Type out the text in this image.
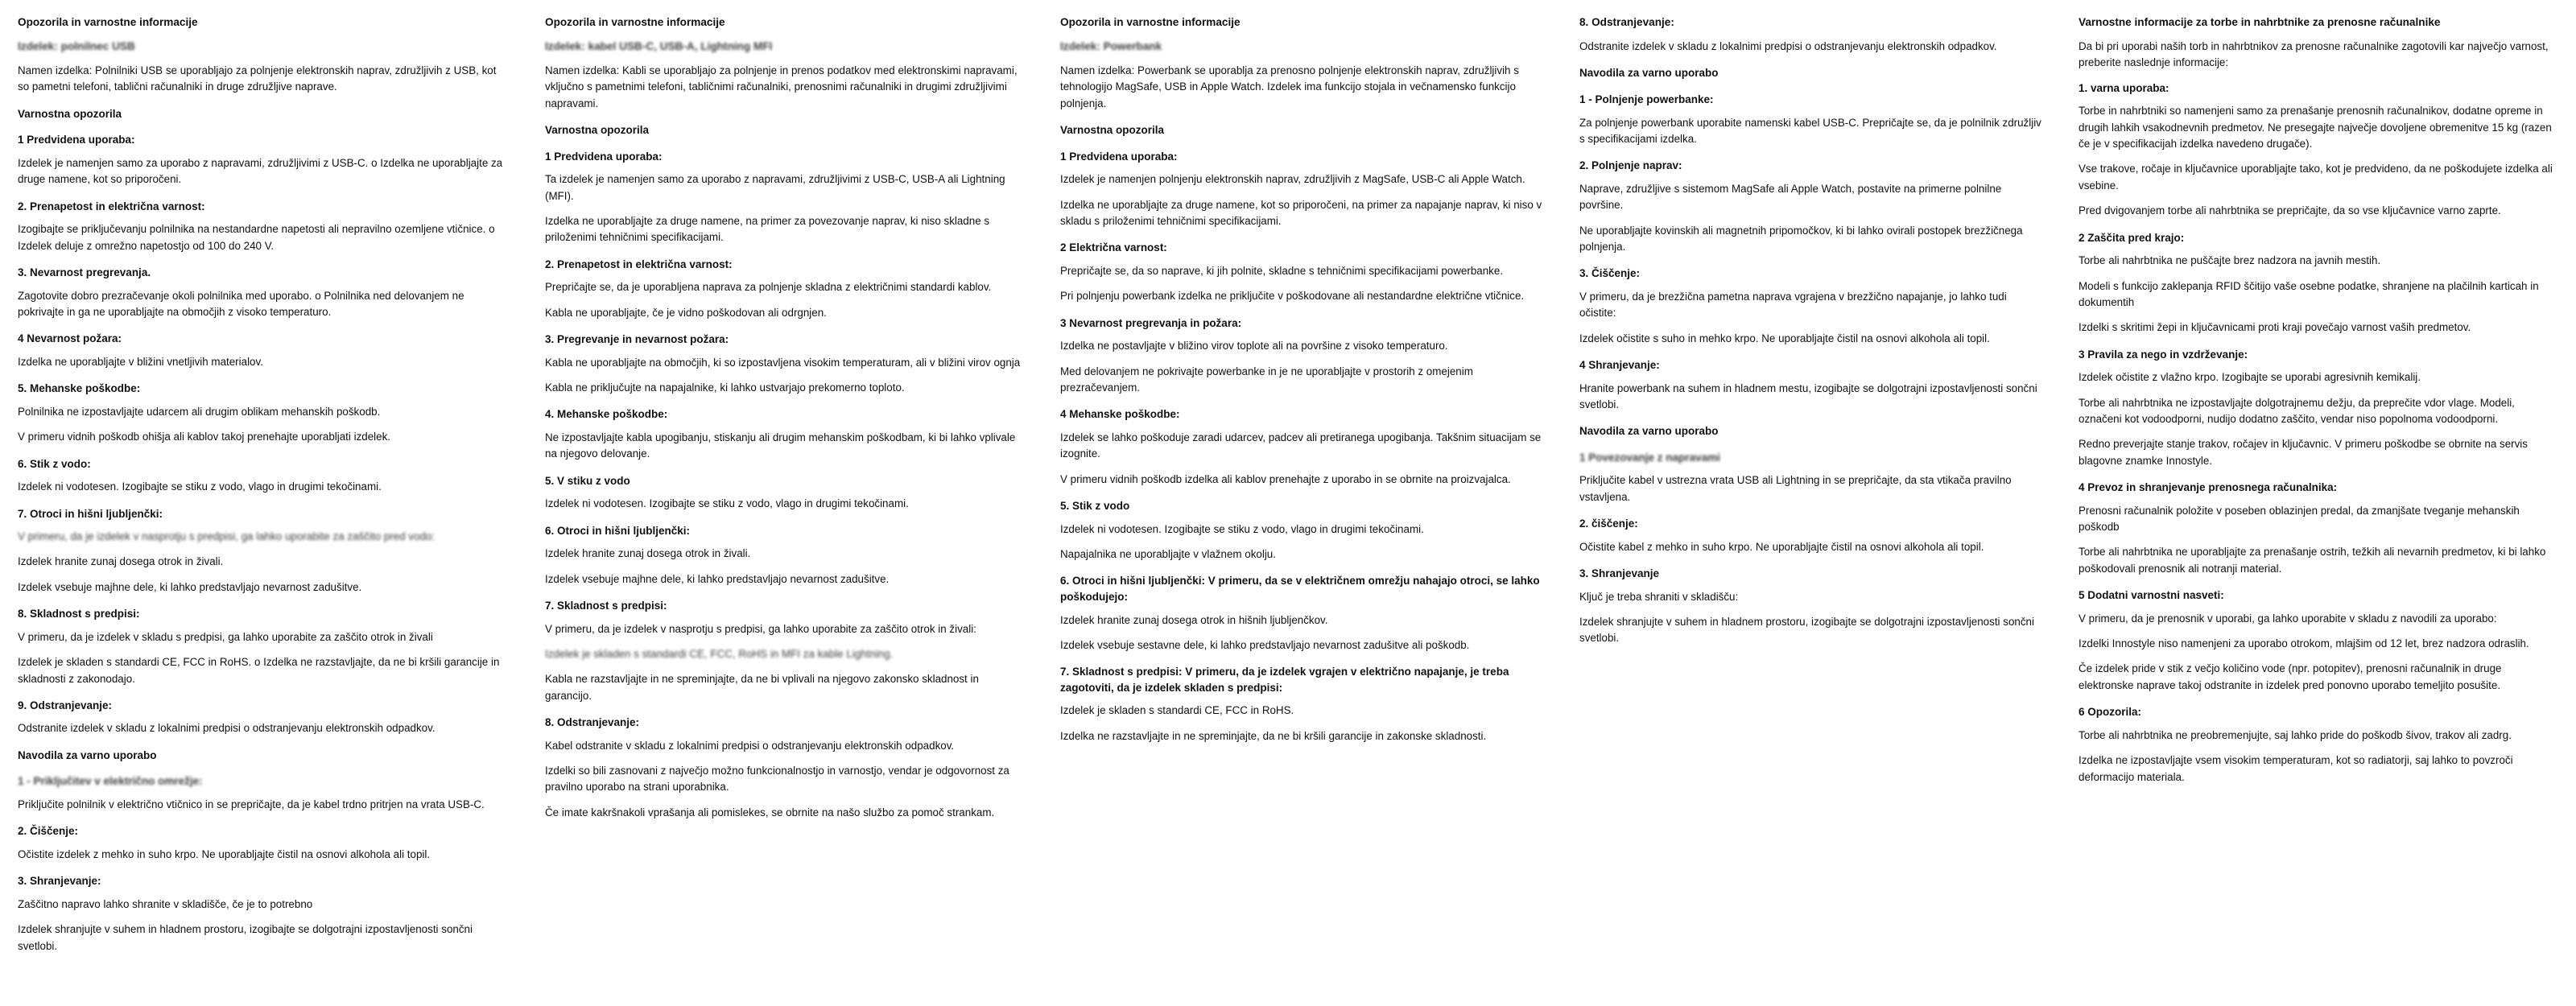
Opozorila in varnostne informacije
Izdelek: polnilnec USB

Namen izdelka: Polnilniki USB se uporabljajo za polnjenje elektronskih naprav, združljivih z USB, kot so pametni telefoni, tablični računalniki in druge združljive naprave.

Varnostna opozorila
1 Predvidena uporaba:

Izdelek je namenjen samo za uporabo z napravami, združljivimi z USB-C. o Izdelka ne uporabljajte za druge namene, kot so priporočeni.

2. Prenapetost in električna varnost:

Izogibajte se priključevanju polnilnika na nestandardne napetosti ali nepravilno ozemljene vtičnice. o Izdelek deluje z omrežno napetostjo od 100 do 240 V.

3. Nevarnost pregrevanja.

Zagotovite dobro prezračevanje okoli polnilnika med uporabo. o Polnilnika ned delovanjem ne pokrivajte in ga ne uporabljajte na območjih z visoko temperaturo.

4 Nevarnost požara:

Izdelka ne uporabljajte v bližini vnetljivih materialov.

5. Mehanske poškodbe:

Polnilnika ne izpostavljajte udarcem ali drugim oblikam mehanskih poškodb.

V primeru vidnih poškodb ohišja ali kablov takoj prenehajte uporabljati izdelek.

6. Stik z vodo:

Izdelek ni vodotesen. Izogibajte se stiku z vodo, vlago in drugimi tekočinami.

7. Otroci in hišni ljubljenčki:

V primeru, da je izdelek v nasprotju s predpisi, ga lahko uporabite za zaščito pred vodo:

Izdelek hranite zunaj dosega otrok in živali.

Izdelek vsebuje majhne dele, ki lahko predstavljajo nevarnost zadušitve.

8. Skladnost s predpisi:

V primeru, da je izdelek v skladu s predpisi, ga lahko uporabite za zaščito otrok in živali

Izdelek je skladen s standardi CE, FCC in RoHS. o Izdelka ne razstavljajte, da ne bi kršili garancije in skladnosti z zakonodajo.

9. Odstranjevanje:

Odstranite izdelek v skladu z lokalnimi predpisi o odstranjevanju elektronskih odpadkov.

Navodila za varno uporabo
1 - Priključitev v električno omrežje:

Priključite polnilnik v električno vtičnico in se prepričajte, da je kabel trdno pritrjen na vrata USB-C.

2. Čiščenje:

Očistite izdelek z mehko in suho krpo. Ne uporabljajte čistil na osnovi alkohola ali topil.

3. Shranjevanje:

Zaščitno napravo lahko shranite v skladišče, če je to potrebno

Izdelek shranjujte v suhem in hladnem prostoru, izogibajte se dolgotrajni izpostavljenosti sončni svetlobi.

Opozorila in varnostne informacije
Izdelek: kabel USB-C, USB-A, Lightning MFI

Namen izdelka: Kabli se uporabljajo za polnjenje in prenos podatkov med elektronskimi napravami, vključno s pametnimi telefoni, tabličnimi računalniki, prenosnimi računalniki in drugimi združljivimi napravami.

Varnostna opozorila
1 Predvidena uporaba:

Ta izdelek je namenjen samo za uporabo z napravami, združljivimi z USB-C, USB-A ali Lightning (MFI).

Izdelka ne uporabljajte za druge namene, na primer za povezovanje naprav, ki niso skladne s priloženimi tehničnimi specifikacijami.

2. Prenapetost in električna varnost:

Prepričajte se, da je uporabljena naprava za polnjenje skladna z električnimi standardi kablov.

Kabla ne uporabljajte, če je vidno poškodovan ali odrgnjen.

3. Pregrevanje in nevarnost požara:

Kabla ne uporabljajte na območjih, ki so izpostavljena visokim temperaturam, ali v bližini virov ognja

Kabla ne priključujte na napajalnike, ki lahko ustvarjajo prekomerno toploto.

4. Mehanske poškodbe:

Ne izpostavljajte kabla upogibanju, stiskanju ali drugim mehanskim poškodbam, ki bi lahko vplivale na njegovo delovanje.

5. V stiku z vodo

Izdelek ni vodotesen. Izogibajte se stiku z vodo, vlago in drugimi tekočinami.

6. Otroci in hišni ljubljenčki:

Izdelek hranite zunaj dosega otrok in živali.

Izdelek vsebuje majhne dele, ki lahko predstavljajo nevarnost zadušitve.

7. Skladnost s predpisi:

V primeru, da je izdelek v nasprotju s predpisi, ga lahko uporabite za zaščito otrok in živali:

Izdelek je skladen s standardi CE, FCC, RoHS in MFI za kable Lightning.

Kabla ne razstavljajte in ne spreminjajte, da ne bi vplivali na njegovo zakonsko skladnost in garancijo.

8. Odstranjevanje:

Kabel odstranite v skladu z lokalnimi predpisi o odstranjevanju elektronskih odpadkov.

Izdelki so bili zasnovani z največjo možno funkcionalnostjo in varnostjo, vendar je odgovornost za pravilno uporabo na strani uporabnika.

Če imate kakršnakoli vprašanja ali pomislekes, se obrnite na našo službo za pomoč strankam.

Opozorila in varnostne informacije
Izdelek: Powerbank

Namen izdelka: Powerbank se uporablja za prenosno polnjenje elektronskih naprav, združljivih s tehnologijo MagSafe, USB in Apple Watch. Izdelek ima funkcijo stojala in večnamensko funkcijo polnjenja.

Varnostna opozorila
1 Predvidena uporaba:

Izdelek je namenjen polnjenju elektronskih naprav, združljivih z MagSafe, USB-C ali Apple Watch.

Izdelka ne uporabljajte za druge namene, kot so priporočeni, na primer za napajanje naprav, ki niso v skladu s priloženimi tehničnimi specifikacijami.

2 Električna varnost:

Prepričajte se, da so naprave, ki jih polnite, skladne s tehničnimi specifikacijami powerbanke.

Pri polnjenju powerbank izdelka ne priključite v poškodovane ali nestandardne električne vtičnice.

3 Nevarnost pregrevanja in požara:

Izdelka ne postavljajte v bližino virov toplote ali na površine z visoko temperaturo.

Med delovanjem ne pokrivajte powerbanke in je ne uporabljajte v prostorih z omejenim prezračevanjem.

4 Mehanske poškodbe:

Izdelek se lahko poškoduje zaradi udarcev, padcev ali pretiranega upogibanja. Takšnim situacijam se izognite.

V primeru vidnih poškodb izdelka ali kablov prenehajte z uporabo in se obrnite na proizvajalca.

5. Stik z vodo

Izdelek ni vodotesen. Izogibajte se stiku z vodo, vlago in drugimi tekočinami.

Napajalnika ne uporabljajte v vlažnem okolju.

6. Otroci in hišni ljubljenčki: V primeru, da se v električnem omrežju nahajajo otroci, se lahko poškodujejo:

Izdelek hranite zunaj dosega otrok in hišnih ljubljenčkov.

Izdelek vsebuje sestavne dele, ki lahko predstavljajo nevarnost zadušitve ali poškodb.

7. Skladnost s predpisi: V primeru, da je izdelek vgrajen v električno napajanje, je treba zagotoviti, da je izdelek skladen s predpisi:

Izdelek je skladen s standardi CE, FCC in RoHS.

Izdelka ne razstavljajte in ne spreminjajte, da ne bi kršili garancije in zakonske skladnosti.

8. Odstranjevanje:

Odstranite izdelek v skladu z lokalnimi predpisi o odstranjevanju elektronskih odpadkov.

Navodila za varno uporabo
1 - Polnjenje powerbanke:

Za polnjenje powerbank uporabite namenski kabel USB-C. Prepričajte se, da je polnilnik združljiv s specifikacijami izdelka.

2. Polnjenje naprav:

Naprave, združljive s sistemom MagSafe ali Apple Watch, postavite na primerne polnilne površine.

Ne uporabljajte kovinskih ali magnetnih pripomočkov, ki bi lahko ovirali postopek brezžičnega polnjenja.

3. Čiščenje:

V primeru, da je brezžična pametna naprava vgrajena v brezžično napajanje, jo lahko tudi očistite:

Izdelek očistite s suho in mehko krpo. Ne uporabljajte čistil na osnovi alkohola ali topil.

4 Shranjevanje:

Hranite powerbank na suhem in hladnem mestu, izogibajte se dolgotrajni izpostavljenosti sončni svetlobi.

Navodila za varno uporabo
1 Povezovanje z napravami

Priključite kabel v ustrezna vrata USB ali Lightning in se prepričajte, da sta vtikača pravilno vstavljena.

2. čiščenje:

Očistite kabel z mehko in suho krpo. Ne uporabljajte čistil na osnovi alkohola ali topil.

3. Shranjevanje

Ključ je treba shraniti v skladišču:

Izdelek shranjujte v suhem in hladnem prostoru, izogibajte se dolgotrajni izpostavljenosti sončni svetlobi.

Varnostne informacije za torbe in nahrbtnike za prenosne računalnike

Da bi pri uporabi naših torb in nahrbtnikov za prenosne računalnike zagotovili kar največjo varnost, preberite naslednje informacije:

1. varna uporaba:

Torbe in nahrbtniki so namenjeni samo za prenašanje prenosnih računalnikov, dodatne opreme in drugih lahkih vsakodnevnih predmetov. Ne presegajte največje dovoljene obremenitve 15 kg (razen če je v specifikacijah izdelka navedeno drugače).

Vse trakove, ročaje in ključavnice uporabljajte tako, kot je predvideno, da ne poškodujete izdelka ali vsebine.

Pred dvigovanjem torbe ali nahrbtnika se prepričajte, da so vse ključavnice varno zaprte.

2 Zaščita pred krajo:

Torbe ali nahrbtnika ne puščajte brez nadzora na javnih mestih.

Modeli s funkcijo zaklepanja RFID ščitijo vaše osebne podatke, shranjene na plačilnih karticah in dokumentih

Izdelki s skritimi žepi in ključavnicami proti kraji povečajo varnost vaših predmetov.

3 Pravila za nego in vzdrževanje:

Izdelek očistite z vlažno krpo. Izogibajte se uporabi agresivnih kemikalij.

Torbe ali nahrbtnika ne izpostavljajte dolgotrajnemu dežju, da preprečite vdor vlage. Modeli, označeni kot vodoodporni, nudijo dodatno zaščito, vendar niso popolnoma vodoodporni.

Redno preverjajte stanje trakov, ročajev in ključavnic. V primeru poškodbe se obrnite na servis blagovne znamke Innostyle.

4 Prevoz in shranjevanje prenosnega računalnika:

Prenosni računalnik položite v poseben oblazinjen predal, da zmanjšate tveganje mehanskih poškodb

Torbe ali nahrbtnika ne uporabljajte za prenašanje ostrih, težkih ali nevarnih predmetov, ki bi lahko poškodovali prenosnik ali notranji material.

5 Dodatni varnostni nasveti:

V primeru, da je prenosnik v uporabi, ga lahko uporabite v skladu z navodili za uporabo:

Izdelki Innostyle niso namenjeni za uporabo otrokom, mlajšim od 12 let, brez nadzora odraslih.

Če izdelek pride v stik z večjo količino vode (npr. potopitev), prenosni računalnik in druge elektronske naprave takoj odstranite in izdelek pred ponovno uporabo temeljito posušite.

6 Opozorila:

Torbe ali nahrbtnika ne preobremenjujte, saj lahko pride do poškodb šivov, trakov ali zadrg.

Izdelka ne izpostavljajte vsem visokim temperaturam, kot so radiatorji, saj lahko to povzroči deformacijo materiala.
